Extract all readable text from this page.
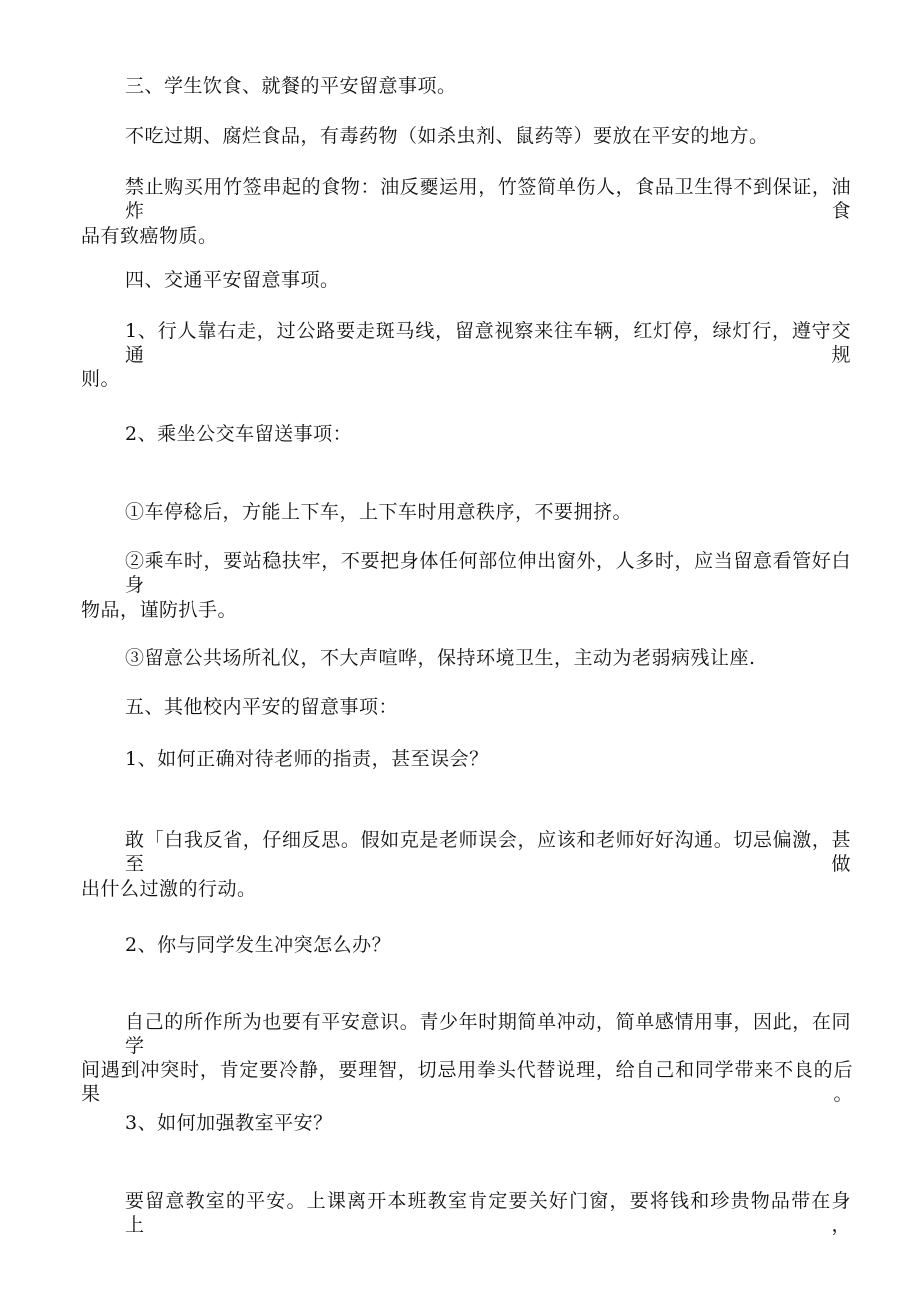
三、学生饮食、就餐的平安留意事项。

不吃过期、腐烂食品，有毒药物（如杀虫剂、鼠药等）要放在平安的地方。

禁止购买用竹签串起的食物：油反夒运用，竹签简单伤人，食品卫生得不到保证，油炸食

品有致癌物质。

四、交通平安留意事项。

1、行人靠右走，过公路要走斑马线，留意视察来往车辆，红灯停，绿灯行，遵守交通规

则。

2、乘坐公交车留送事项：

①车停稔后，方能上下车，上下车时用意秩序，不要拥挤。

②乘车时，要站稳扶牢，不要把身体任何部位伸出窗外，人多时，应当留意看管好白身

物品，谨防扒手。

③留意公共场所礼仪，不大声喧哗，保持环境卫生，主动为老弱病残让座.

五、其他校内平安的留意事项：

1、如何正确对待老师的指责，甚至误会？

敢「白我反省，仔细反思。假如克是老师误会，应该和老师好好沟通。切忌偏激，甚至做

出什么过激的行动。

2、你与同学发生冲突怎么办？

自己的所作所为也要有平安意识。青少年时期简单冲动，简单感情用事，因此，在同学

间遇到冲突时，肯定要冷静，要理智，切忌用拳头代替说理，给自己和同学带来不良的后果。

3、如何加强教室平安？

要留意教室的平安。上课离开本班教室肯定要关好门窗，要将钱和珍贵物品带在身上，
